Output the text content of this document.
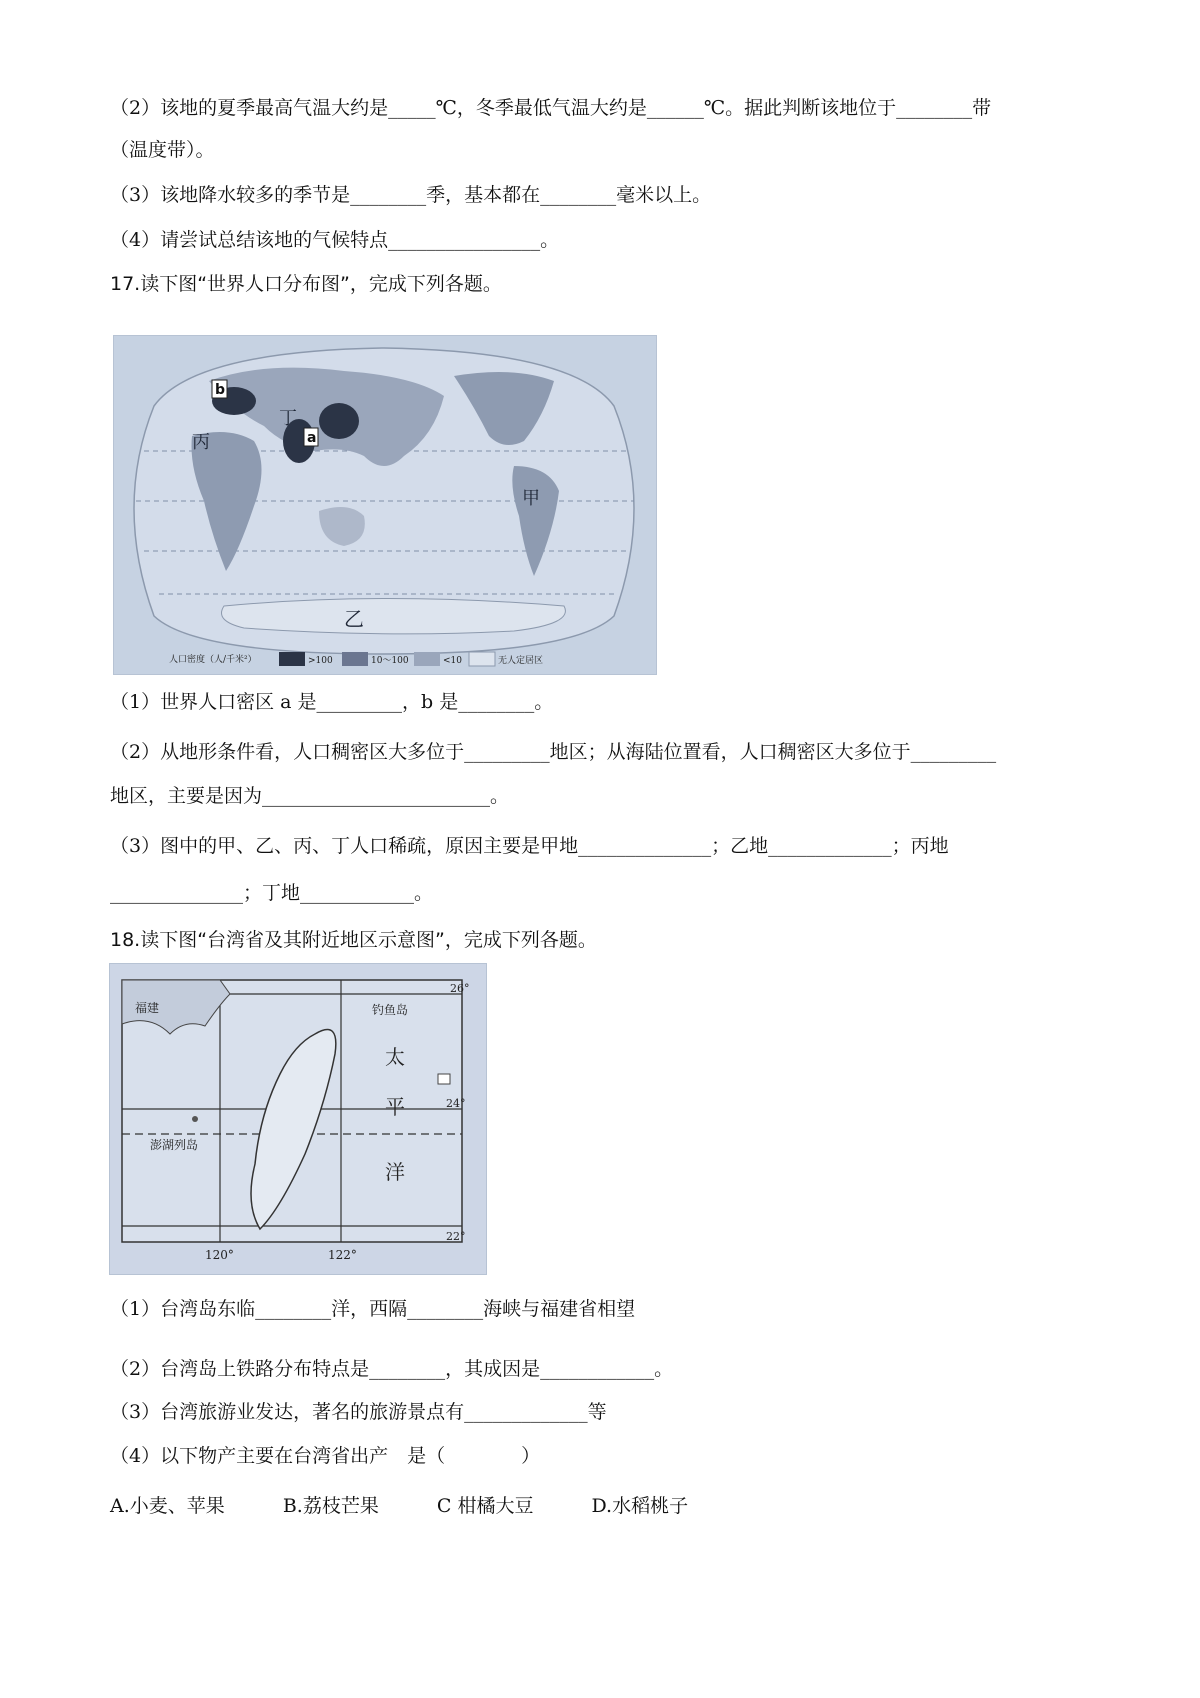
（2）该地的夏季最高气温大约是_____℃，冬季最低气温大约是______℃。据此判断该地位于________带
（温度带）。
（3）该地降水较多的季节是________季，基本都在________毫米以上。
（4）请尝试总结该地的气候特点________________。
17.读下图“世界人口分布图”，完成下列各题。
b
a
丙
丁
甲
乙
人口密度（人/千米²）	>100	10～100	<10	无人定居区
（1）世界人口密区 a 是_________，b 是________。
（2）从地形条件看，人口稠密区大多位于_________地区；从海陆位置看，人口稠密区大多位于_________
地区，主要是因为________________________。
（3）图中的甲、乙、丙、丁人口稀疏，原因主要是甲地______________；乙地_____________；丙地
______________；丁地____________。
18.读下图“台湾省及其附近地区示意图”，完成下列各题。
福建	钓鱼岛
澎湖列岛
太
平
洋
26°
24°
22°
120°	122°
（1）台湾岛东临________洋，西隔________海峡与福建省相望
（2）台湾岛上铁路分布特点是________，其成因是____________。
（3）台湾旅游业发达，著名的旅游景点有_____________等
（4）以下物产主要在台湾省出产　是（　　　　）
A.小麦、苹果	B.荔枝芒果	C 柑橘大豆	D.水稻桃子
